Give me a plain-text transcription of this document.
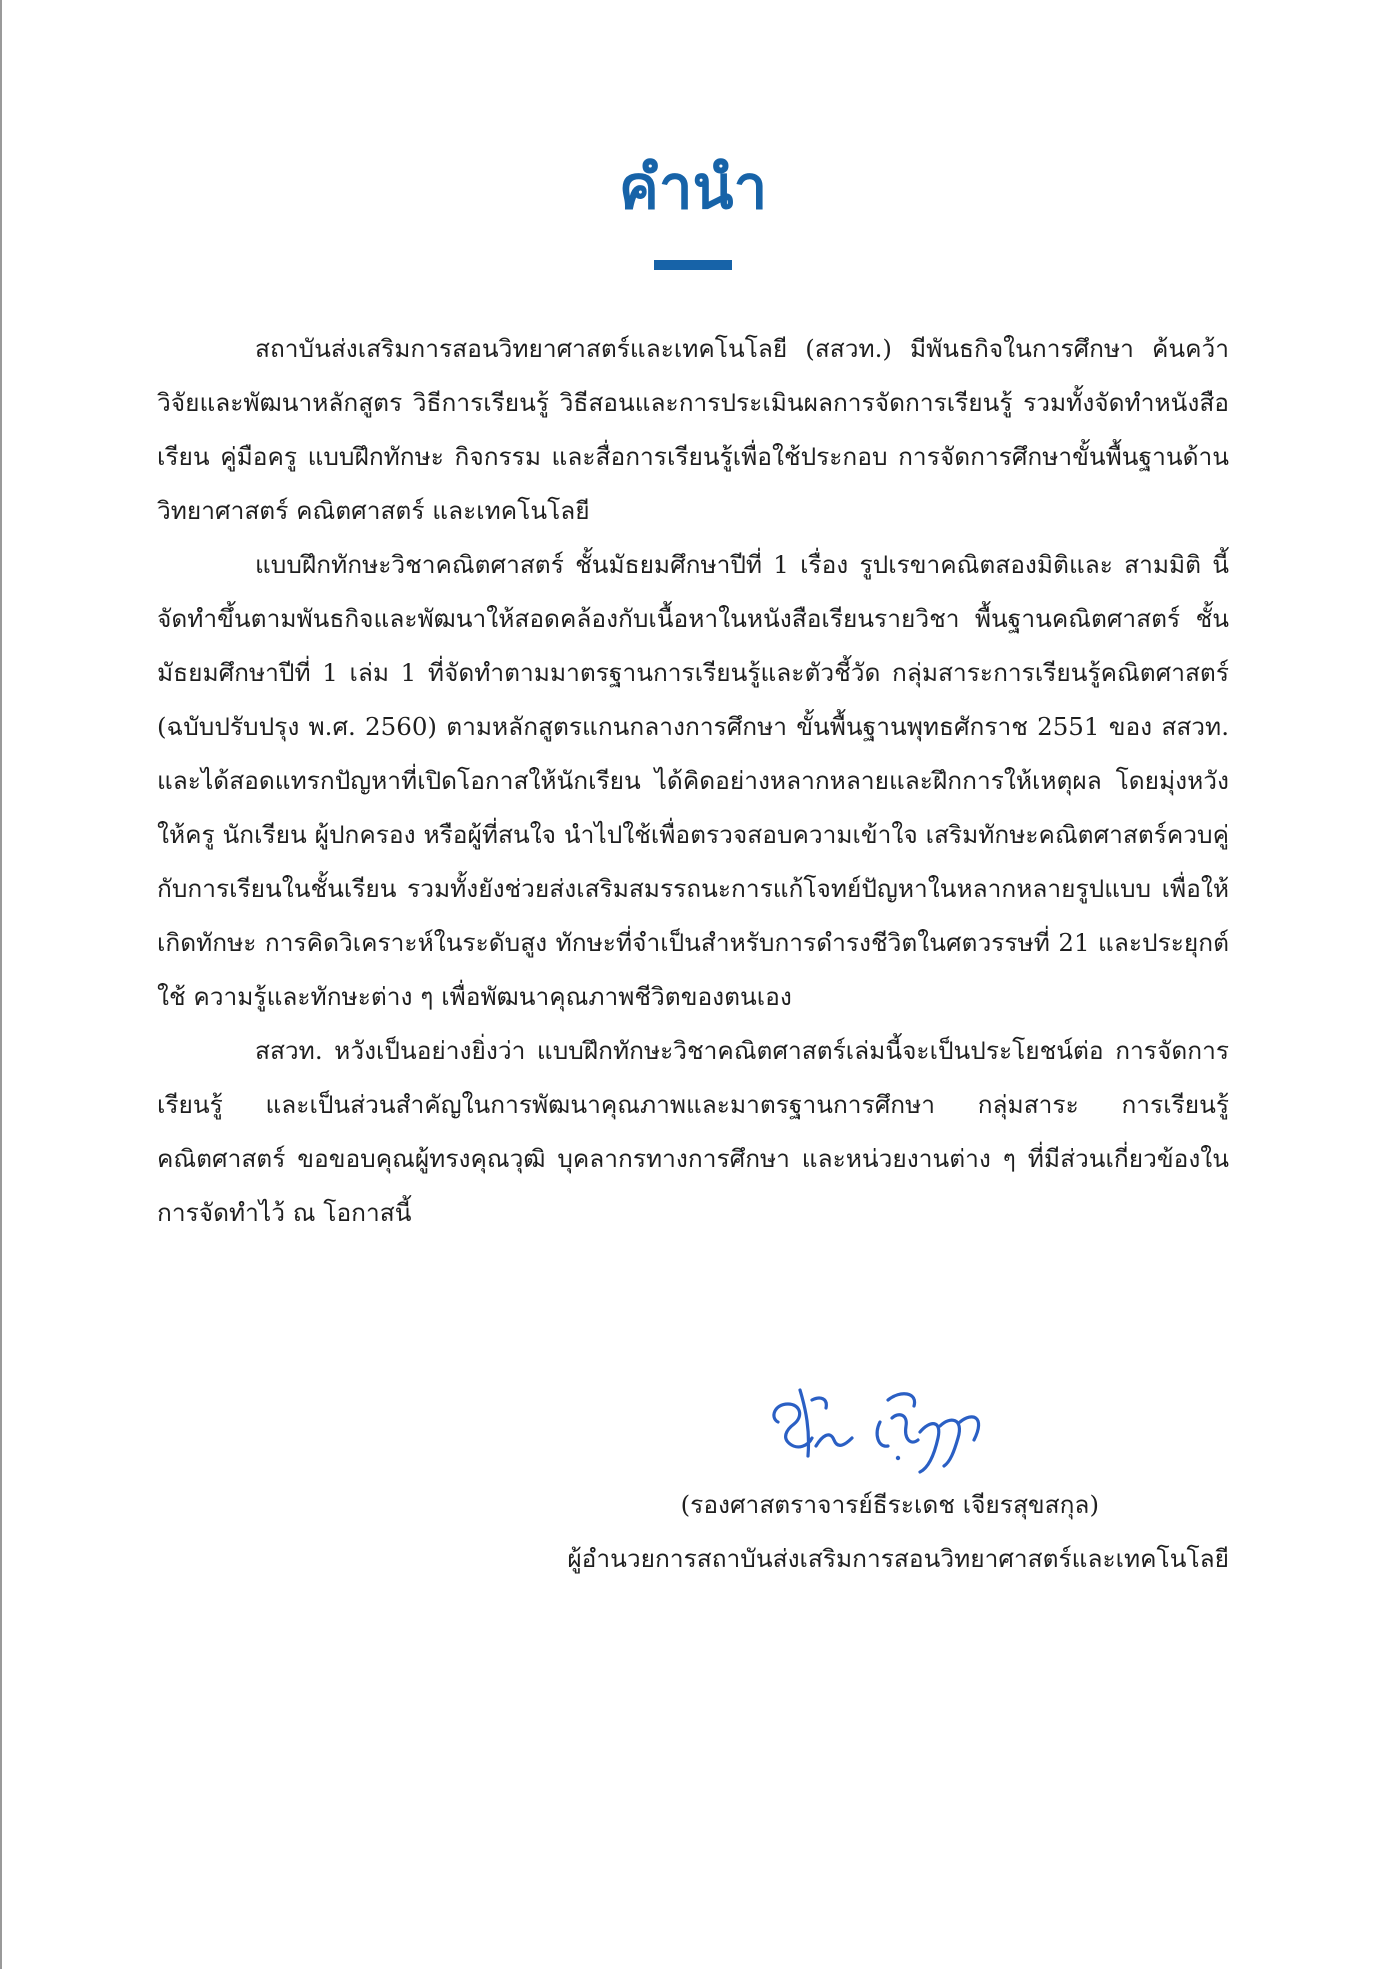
คำนำ

สถาบันส่งเสริมการสอนวิทยาศาสตร์และเทคโนโลยี (สสวท.) มีพันธกิจในการศึกษา ค้นคว้า วิจัยและพัฒนาหลักสูตร วิธีการเรียนรู้ วิธีสอนและการประเมินผลการจัดการเรียนรู้ รวมทั้งจัดทำหนังสือเรียน คู่มือครู แบบฝึกทักษะ กิจกรรม และสื่อการเรียนรู้เพื่อใช้ประกอบ การจัดการศึกษาขั้นพื้นฐานด้านวิทยาศาสตร์ คณิตศาสตร์ และเทคโนโลยี

แบบฝึกทักษะวิชาคณิตศาสตร์ ชั้นมัธยมศึกษาปีที่ 1 เรื่อง รูปเรขาคณิตสองมิติและ สามมิติ นี้ จัดทำขึ้นตามพันธกิจและพัฒนาให้สอดคล้องกับเนื้อหาในหนังสือเรียนรายวิชา พื้นฐานคณิตศาสตร์ ชั้นมัธยมศึกษาปีที่ 1 เล่ม 1 ที่จัดทำตามมาตรฐานการเรียนรู้และตัวชี้วัด กลุ่มสาระการเรียนรู้คณิตศาสตร์ (ฉบับปรับปรุง พ.ศ. 2560) ตามหลักสูตรแกนกลางการศึกษา ขั้นพื้นฐานพุทธศักราช 2551 ของ สสวท. และได้สอดแทรกปัญหาที่เปิดโอกาสให้นักเรียน ได้คิดอย่างหลากหลายและฝึกการให้เหตุผล โดยมุ่งหวังให้ครู นักเรียน ผู้ปกครอง หรือผู้ที่สนใจ นำไปใช้เพื่อตรวจสอบความเข้าใจ เสริมทักษะคณิตศาสตร์ควบคู่กับการเรียนในชั้นเรียน รวมทั้งยังช่วยส่งเสริมสมรรถนะการแก้โจทย์ปัญหาในหลากหลายรูปแบบ เพื่อให้เกิดทักษะ การคิดวิเคราะห์ในระดับสูง ทักษะที่จำเป็นสำหรับการดำรงชีวิตในศตวรรษที่ 21 และประยุกต์ใช้ ความรู้และทักษะต่าง ๆ เพื่อพัฒนาคุณภาพชีวิตของตนเอง

สสวท. หวังเป็นอย่างยิ่งว่า แบบฝึกทักษะวิชาคณิตศาสตร์เล่มนี้จะเป็นประโยชน์ต่อ การจัดการเรียนรู้ และเป็นส่วนสำคัญในการพัฒนาคุณภาพและมาตรฐานการศึกษา กลุ่มสาระ การเรียนรู้คณิตศาสตร์ ขอขอบคุณผู้ทรงคุณวุฒิ บุคลากรทางการศึกษา และหน่วยงานต่าง ๆ ที่มีส่วนเกี่ยวข้องในการจัดทำไว้ ณ โอกาสนี้

(รองศาสตราจารย์ธีระเดช เจียรสุขสกุล)
ผู้อำนวยการสถาบันส่งเสริมการสอนวิทยาศาสตร์และเทคโนโลยี
